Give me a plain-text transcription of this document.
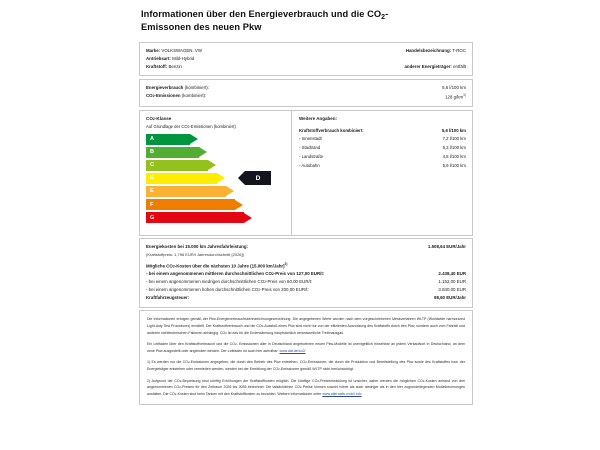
Informationen über den Energieverbrauch und die $CO_2-$
Emissonen des neuen Pkw
Marke: VOLKSWAGEN, VW
Antriebsart: Mild-Hybrid
Kraftstoff: Benzin
Handelsbezeichnung: T-ROC
anderer Energieträger: entfällt
Energieverbrauch (kombiniert):	5,6 l/100 km
CO2-Emissionen (kombiniert):	128 $g/km^{1)}$
CO2-Klasse
Auf Grundlage der CO2-Emissionen (kombiniert)
A
B
C
D
E
F
G
D
Weitere Angaben:
Kraftstoffverbrauch kombiniert:	5,6 l/100 km
- Innenstadt	7,2 l/100 km
- Stadtrand	5,3 l/100 km
- Landstraße	4,8 l/100 km
- Autobahn	5,9 l/100 km
Energiekosten bei 15.000 km Jahresfahrleistung:	1.508,64 EUR/Jahr
(Kraftstoffpreis: 1,796 EUR/l Jahresdurchschnitt [2026])
Mögliche CO2-Kosten über die nächsten 10 Jahre (15.000 km/Jahr)$^{2)}$
- bei einem angenommenen mittleren durchschnittlichen CO2-Preis von 127,00 EUR/t:	2.438,40 EUR
- bei einem angenommenen niedrigen durchschnittlichen CO2-Preis von 60,00 EUR/t:	1.152,00 EUR
- bei einem angenommenen hohen durchschnittlichen CO2-Preis von 200,00 EUR/t:	3.840,00 EUR
Kraftfahrzeugsteuer:	98,60 EUR/Jahr

Die Informationen erfolgen gemäß der Pkw-Energieverbrauchskennzeichnungsverordnung. Die angegebenen Werte wurden nach dem vorgeschriebenen Messverfahren WLTP (Worldwide harmonized Light-duty Test Procedures) ermittelt. Der Kraftstoffverbrauch und die CO2-Ausstoß eines Pkw sind nicht nur von der effizienten Ausnutzung des Kraftstoffs durch den Pkw, sondern auch vom Fahrstil und anderen nichttechnischen Faktoren abhängig. CO2 ist das für die Erderwärmung hauptsächlich verantwortliche Treibhausgas.

Ein Leitfaden über den Kraftstoffverbrauch und die CO2- Emissaonen aller in Deutschland angebotenen neuen Pkw-Modelle ist unentgeltlich einsehbar an jedem Verkaufsort in Deutschland, an dem neue Pkw ausgestellt oder angeboten werden. Der Leitfaden ist auch hier aufrufbar: www.dat.de/co2/

1) Es werden nur die CO2-Emissionen angegeben, die durch den Betrieb des Pkw entstehen. CO2-Emissionen, die durch die Produktion und Bereitstellung des Pkw sowie des Kraftstoffes bzw. der Energieträger entstehen oder vermieden werden, werden bei der Ermittlung der CO2-Emissionen gemäß WLTP nicht berücksichtigt.

2) Aufgrund der CO2-Bepreisung sind künftig Erhöhungen der Kraftstoffkosten möglich. Die künftige CO2-Preisentwicklung ist unsicher, daher werden die möglichen CO2-Kosten anhand von drei angenommenen CO2-Preisen für den Zeitraum 2026 bis 2035 berechnet. Die tatsächlichen CO2-Preise können sowohl höher als auch niedriger als in den hier zugrundeliegenden Modellrechnungen ausfallen. Die CO2-Kosten sind beim Tanken mit den Kraftstoffkosten zu bezahlen. Weitere Informationen unter www.alternativ-mobil.info
